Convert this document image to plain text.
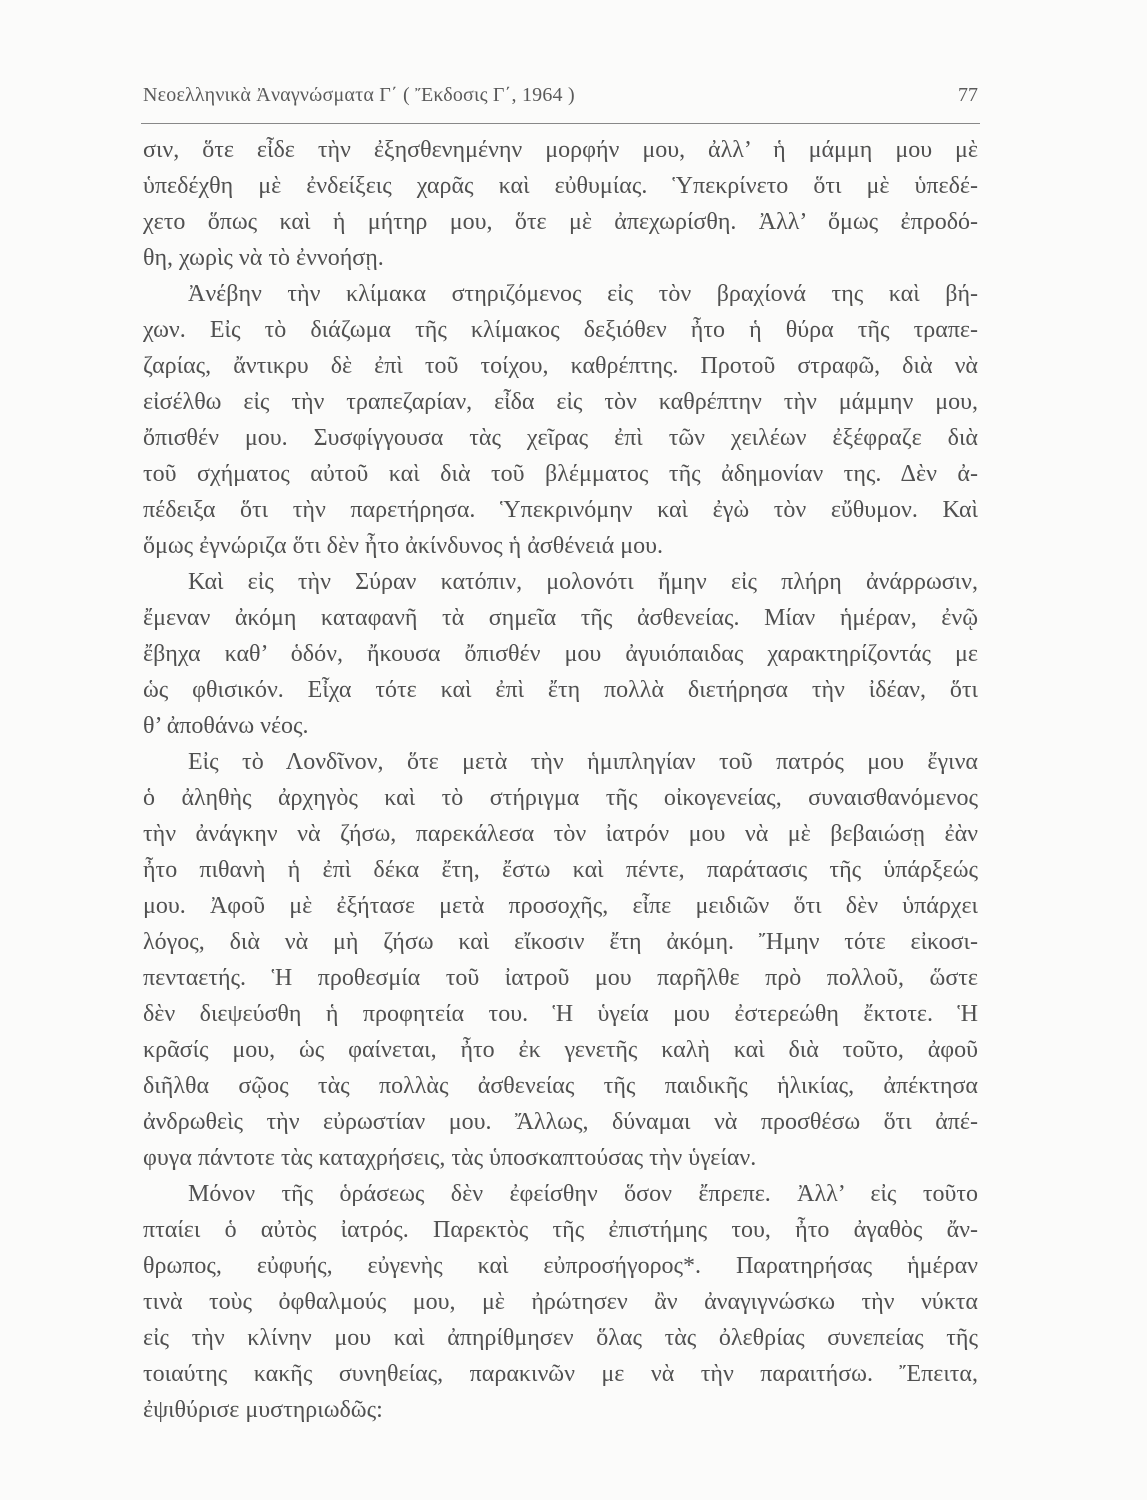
Νεοελληνικὰ Ἀναγνώσματα Γ΄ ( Ἔκδοσις Γ΄, 1964 )	77
σιν, ὅτε εἶδε τὴν ἐξησθενημένην μορφήν μου, ἀλλ’ ἡ μάμμη μου μὲ
ὑπεδέχθη μὲ ἐνδείξεις χαρᾶς καὶ εὐθυμίας. Ὑπεκρίνετο ὅτι μὲ ὑπεδέ-
χετο ὅπως καὶ ἡ μήτηρ μου, ὅτε μὲ ἀπεχωρίσθη. Ἀλλ’ ὅμως ἐπροδό-
θη, χωρὶς νὰ τὸ ἐννοήσῃ.
Ἀνέβην τὴν κλίμακα στηριζόμενος εἰς τὸν βραχίονά της καὶ βή-
χων. Εἰς τὸ διάζωμα τῆς κλίμακος δεξιόθεν ἦτο ἡ θύρα τῆς τραπε-
ζαρίας, ἄντικρυ δὲ ἐπὶ τοῦ τοίχου, καθρέπτης. Προτοῦ στραφῶ, διὰ νὰ
εἰσέλθω εἰς τὴν τραπεζαρίαν, εἶδα εἰς τὸν καθρέπτην τὴν μάμμην μου,
ὄπισθέν μου. Συσφίγγουσα τὰς χεῖρας ἐπὶ τῶν χειλέων ἐξέφραζε διὰ
τοῦ σχήματος αὐτοῦ καὶ διὰ τοῦ βλέμματος τῆς ἀδημονίαν της. Δὲν ἀ-
πέδειξα ὅτι τὴν παρετήρησα. Ὑπεκρινόμην καὶ ἐγὼ τὸν εὔθυμον. Καὶ
ὅμως ἐγνώριζα ὅτι δὲν ἦτο ἀκίνδυνος ἡ ἀσθένειά μου.
Καὶ εἰς τὴν Σύραν κατόπιν, μολονότι ἤμην εἰς πλήρη ἀνάρρωσιν,
ἔμεναν ἀκόμη καταφανῆ τὰ σημεῖα τῆς ἀσθενείας. Μίαν ἡμέραν, ἐνῷ
ἔβηχα καθ’ ὁδόν, ἤκουσα ὄπισθέν μου ἀγυιόπαιδας χαρακτηρίζοντάς με
ὡς φθισικόν. Εἶχα τότε καὶ ἐπὶ ἔτη πολλὰ διετήρησα τὴν ἰδέαν, ὅτι
θ’ ἀποθάνω νέος.
Εἰς τὸ Λονδῖνον, ὅτε μετὰ τὴν ἡμιπληγίαν τοῦ πατρός μου ἔγινα
ὁ ἀληθὴς ἀρχηγὸς καὶ τὸ στήριγμα τῆς οἰκογενείας, συναισθανόμενος
τὴν ἀνάγκην νὰ ζήσω, παρεκάλεσα τὸν ἰατρόν μου νὰ μὲ βεβαιώσῃ ἐὰν
ἦτο πιθανὴ ἡ ἐπὶ δέκα ἔτη, ἔστω καὶ πέντε, παράτασις τῆς ὑπάρξεώς
μου. Ἀφοῦ μὲ ἐξήτασε μετὰ προσοχῆς, εἶπε μειδιῶν ὅτι δὲν ὑπάρχει
λόγος, διὰ νὰ μὴ ζήσω καὶ εἴκοσιν ἔτη ἀκόμη. Ἤμην τότε εἰκοσι-
πενταετής. Ἡ προθεσμία τοῦ ἰατροῦ μου παρῆλθε πρὸ πολλοῦ, ὥστε
δὲν διεψεύσθη ἡ προφητεία του. Ἡ ὑγεία μου ἐστερεώθη ἔκτοτε. Ἡ
κρᾶσίς μου, ὡς φαίνεται, ἦτο ἐκ γενετῆς καλὴ καὶ διὰ τοῦτο, ἀφοῦ
διῆλθα σῷος τὰς πολλὰς ἀσθενείας τῆς παιδικῆς ἡλικίας, ἀπέκτησα
ἀνδρωθεὶς τὴν εὐρωστίαν μου. Ἄλλως, δύναμαι νὰ προσθέσω ὅτι ἀπέ-
φυγα πάντοτε τὰς καταχρήσεις, τὰς ὑποσκαπτούσας τὴν ὑγείαν.
Μόνον τῆς ὁράσεως δὲν ἐφείσθην ὅσον ἔπρεπε. Ἀλλ’ εἰς τοῦτο
πταίει ὁ αὐτὸς ἰατρός. Παρεκτὸς τῆς ἐπιστήμης του, ἦτο ἀγαθὸς ἄν-
θρωπος, εὐφυής, εὐγενὴς καὶ εὐπροσήγορος*. Παρατηρήσας ἡμέραν
τινὰ τοὺς ὀφθαλμούς μου, μὲ ἠρώτησεν ἂν ἀναγιγνώσκω τὴν νύκτα
εἰς τὴν κλίνην μου καὶ ἀπηρίθμησεν ὅλας τὰς ὀλεθρίας συνεπείας τῆς
τοιαύτης κακῆς συνηθείας, παρακινῶν με νὰ τὴν παραιτήσω. Ἔπειτα,
ἐψιθύρισε μυστηριωδῶς:
